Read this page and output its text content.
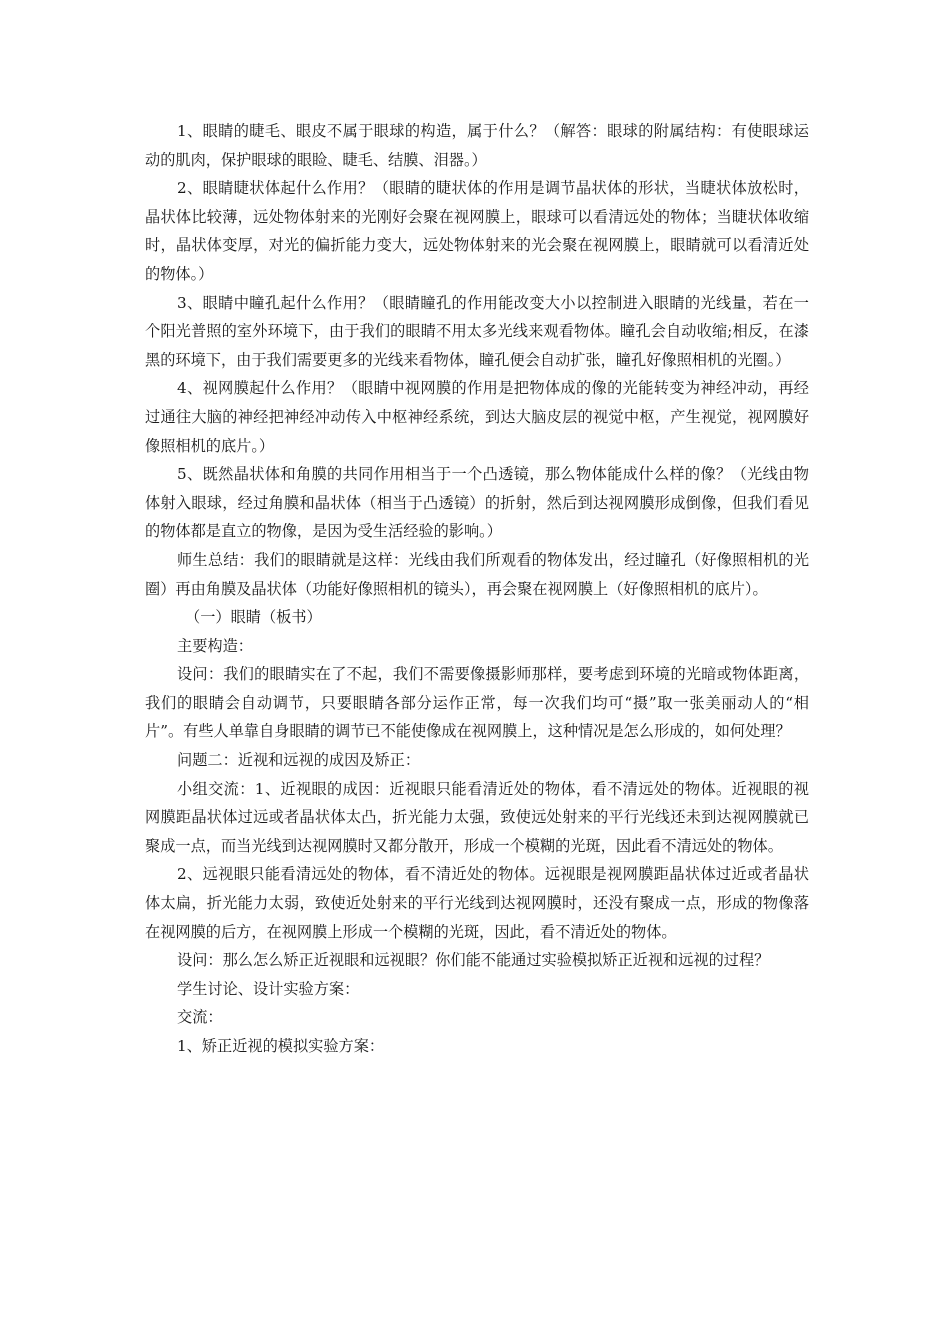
1、眼睛的睫毛、眼皮不属于眼球的构造，属于什么？（解答：眼球的附属结构：有使眼球运动的肌肉，保护眼球的眼睑、睫毛、结膜、泪器。）

2、眼睛睫状体起什么作用？（眼睛的睫状体的作用是调节晶状体的形状，当睫状体放松时，晶状体比较薄，远处物体射来的光刚好会聚在视网膜上，眼球可以看清远处的物体；当睫状体收缩时，晶状体变厚，对光的偏折能力变大，远处物体射来的光会聚在视网膜上，眼睛就可以看清近处的物体。）

3、眼睛中瞳孔起什么作用？（眼睛瞳孔的作用能改变大小以控制进入眼睛的光线量，若在一个阳光普照的室外环境下，由于我们的眼睛不用太多光线来观看物体。瞳孔会自动收缩;相反，在漆黑的环境下，由于我们需要更多的光线来看物体，瞳孔便会自动扩张，瞳孔好像照相机的光圈。）

4、视网膜起什么作用？（眼睛中视网膜的作用是把物体成的像的光能转变为神经冲动，再经过通往大脑的神经把神经冲动传入中枢神经系统，到达大脑皮层的视觉中枢，产生视觉，视网膜好像照相机的底片。）

5、既然晶状体和角膜的共同作用相当于一个凸透镜，那么物体能成什么样的像？（光线由物体射入眼球，经过角膜和晶状体（相当于凸透镜）的折射，然后到达视网膜形成倒像，但我们看见的物体都是直立的物像，是因为受生活经验的影响。）

师生总结：我们的眼睛就是这样：光线由我们所观看的物体发出，经过瞳孔（好像照相机的光圈）再由角膜及晶状体（功能好像照相机的镜头），再会聚在视网膜上（好像照相机的底片）。

（一）眼睛（板书）

主要构造：

设问：我们的眼睛实在了不起，我们不需要像摄影师那样，要考虑到环境的光暗或物体距离，我们的眼睛会自动调节，只要眼睛各部分运作正常，每一次我们均可“摄”取一张美丽动人的“相片”。有些人单靠自身眼睛的调节已不能使像成在视网膜上，这种情况是怎么形成的，如何处理？

问题二：近视和远视的成因及矫正：

小组交流：1、近视眼的成因：近视眼只能看清近处的物体，看不清远处的物体。近视眼的视网膜距晶状体过远或者晶状体太凸，折光能力太强，致使远处射来的平行光线还未到达视网膜就已聚成一点，而当光线到达视网膜时又都分散开，形成一个模糊的光斑，因此看不清远处的物体。

2、远视眼只能看清远处的物体，看不清近处的物体。远视眼是视网膜距晶状体过近或者晶状体太扁，折光能力太弱，致使近处射来的平行光线到达视网膜时，还没有聚成一点，形成的物像落在视网膜的后方，在视网膜上形成一个模糊的光斑，因此，看不清近处的物体。

设问：那么怎么矫正近视眼和远视眼？你们能不能通过实验模拟矫正近视和远视的过程？

学生讨论、设计实验方案：

交流：

1、矫正近视的模拟实验方案：
